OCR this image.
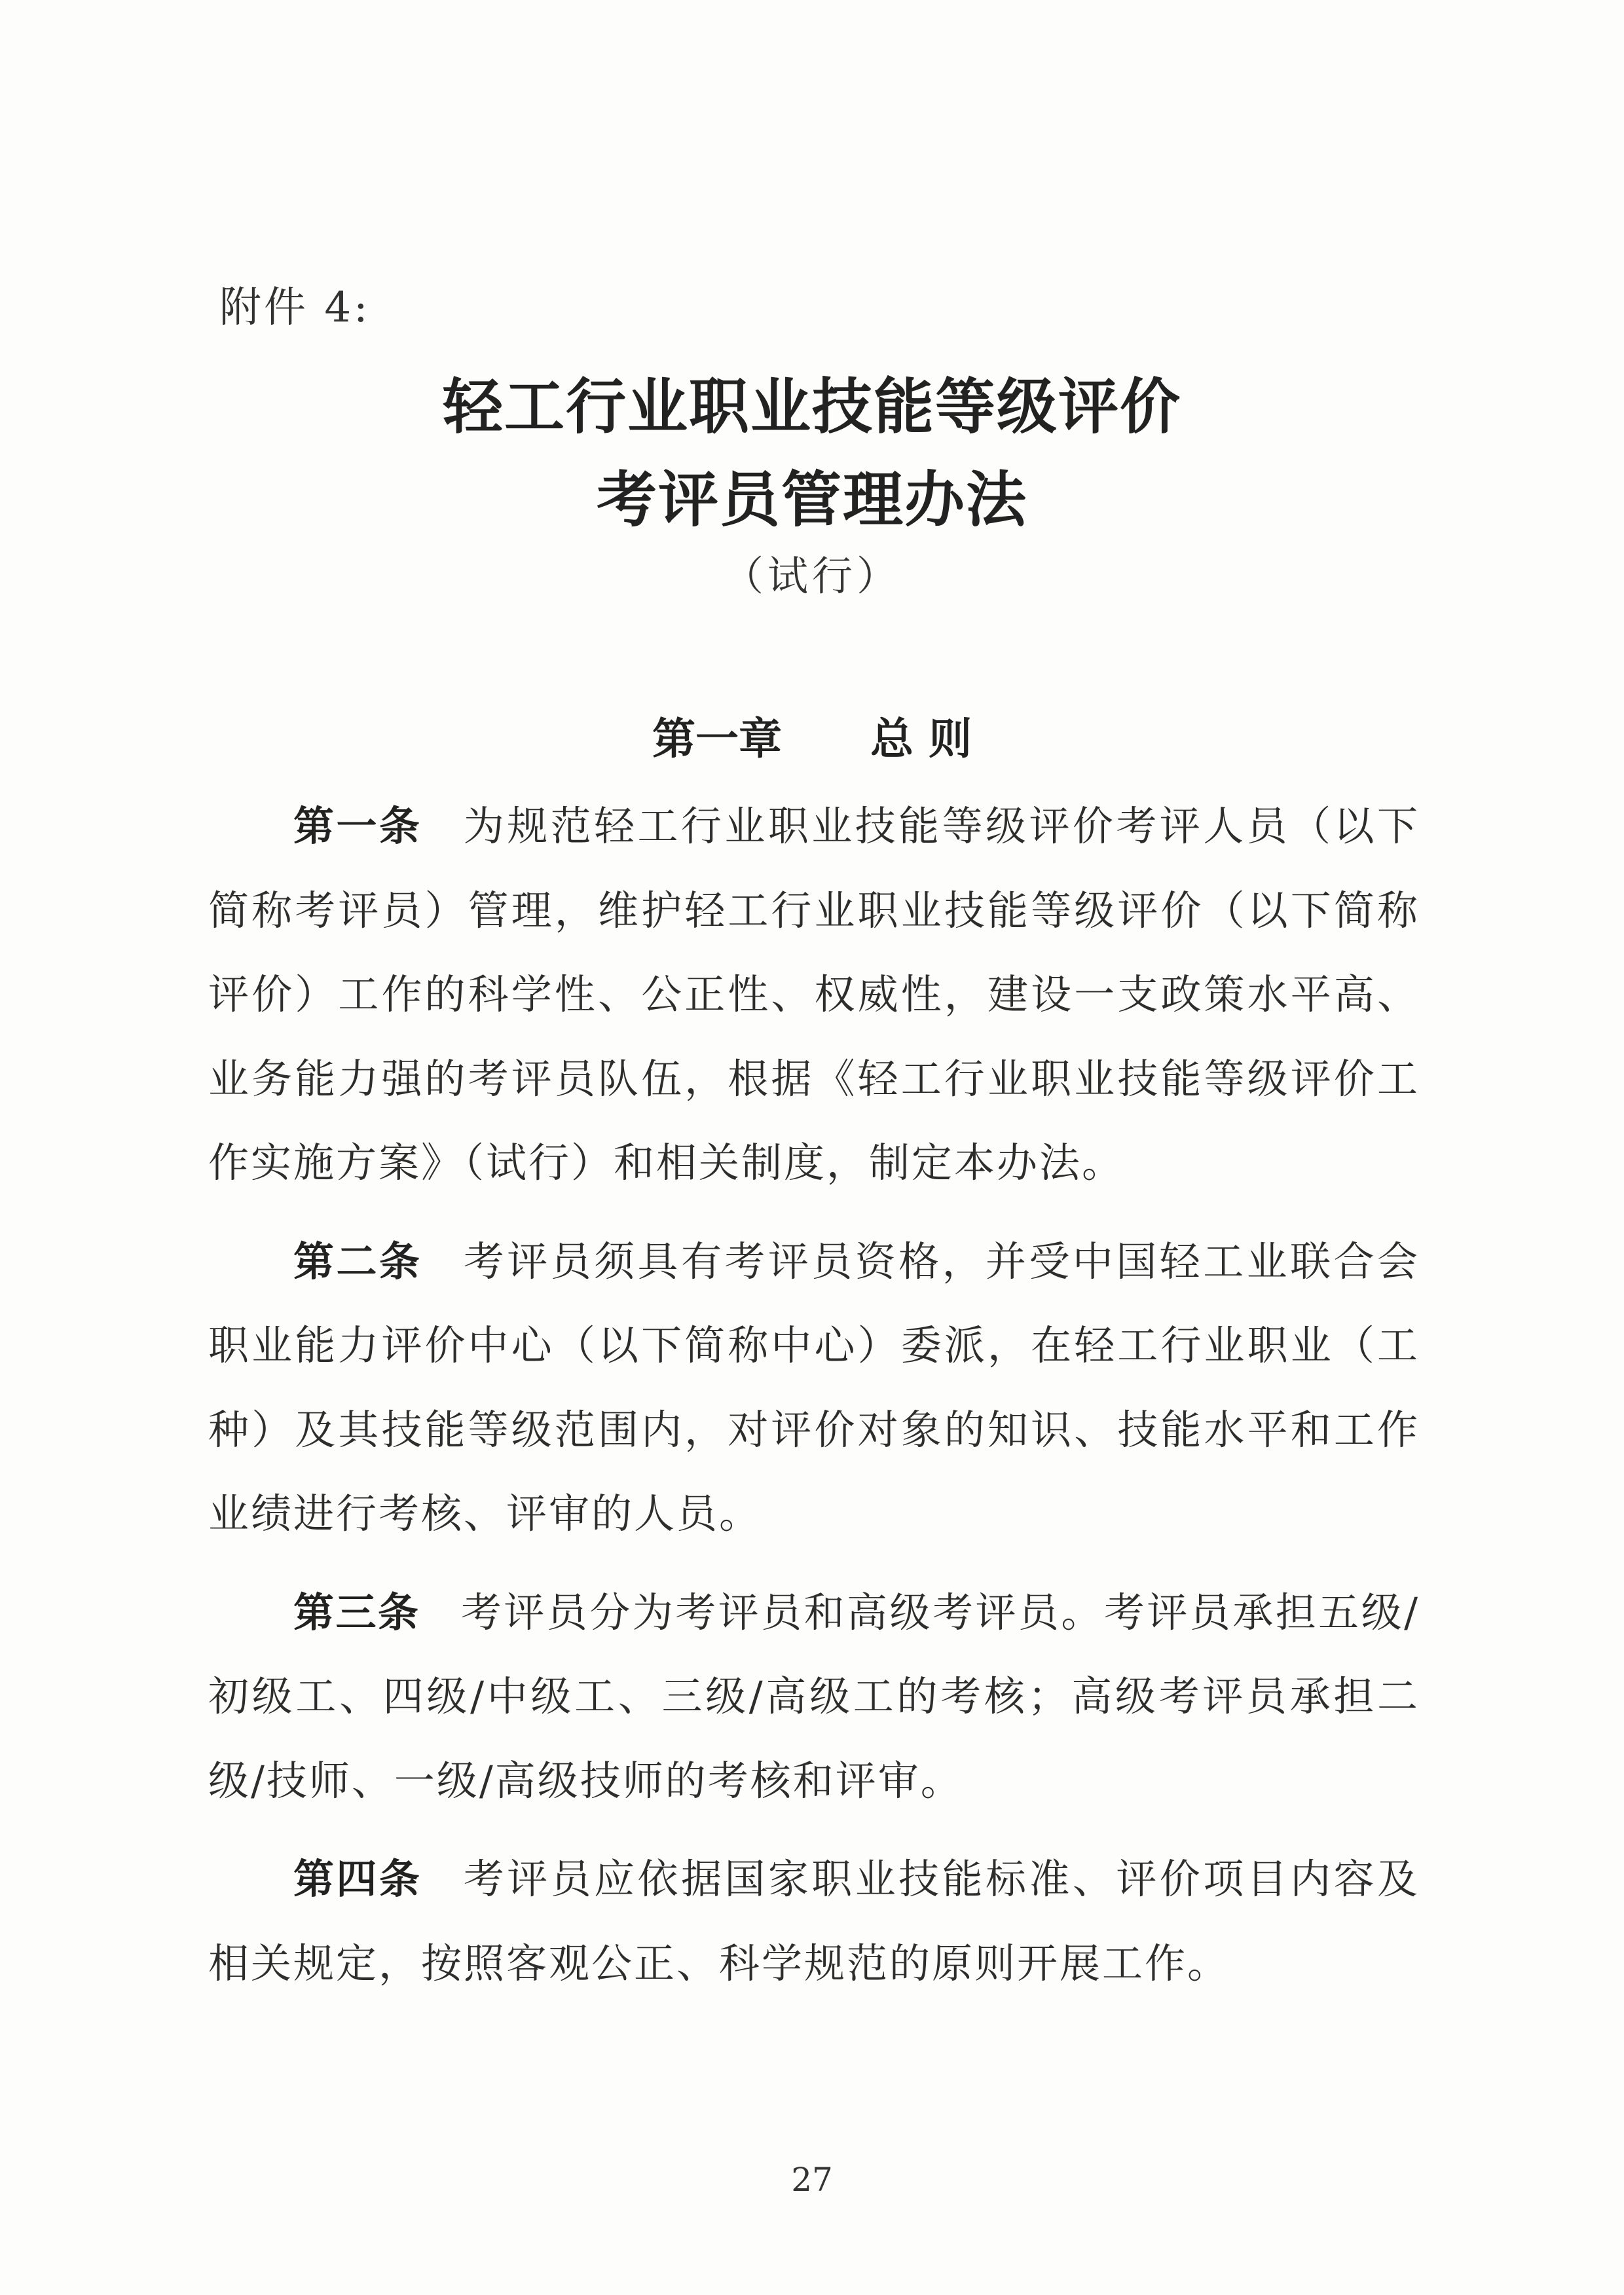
附件 4:
轻工行业职业技能等级评价
考评员管理办法
（试行）
第一章 总 则

第一条 为规范轻工行业职业技能等级评价考评人员（以下简称考评员）管理，维护轻工行业职业技能等级评价（以下简称评价）工作的科学性、公正性、权威性，建设一支政策水平高、业务能力强的考评员队伍，根据《轻工行业职业技能等级评价工作实施方案》（试行）和相关制度，制定本办法。

第二条 考评员须具有考评员资格，并受中国轻工业联合会职业能力评价中心（以下简称中心）委派，在轻工行业职业（工种）及其技能等级范围内，对评价对象的知识、技能水平和工作业绩进行考核、评审的人员。

第三条 考评员分为考评员和高级考评员。考评员承担五级/初级工、四级/中级工、三级/高级工的考核；高级考评员承担二级/技师、一级/高级技师的考核和评审。

第四条 考评员应依据国家职业技能标准、评价项目内容及相关规定，按照客观公正、科学规范的原则开展工作。

27
